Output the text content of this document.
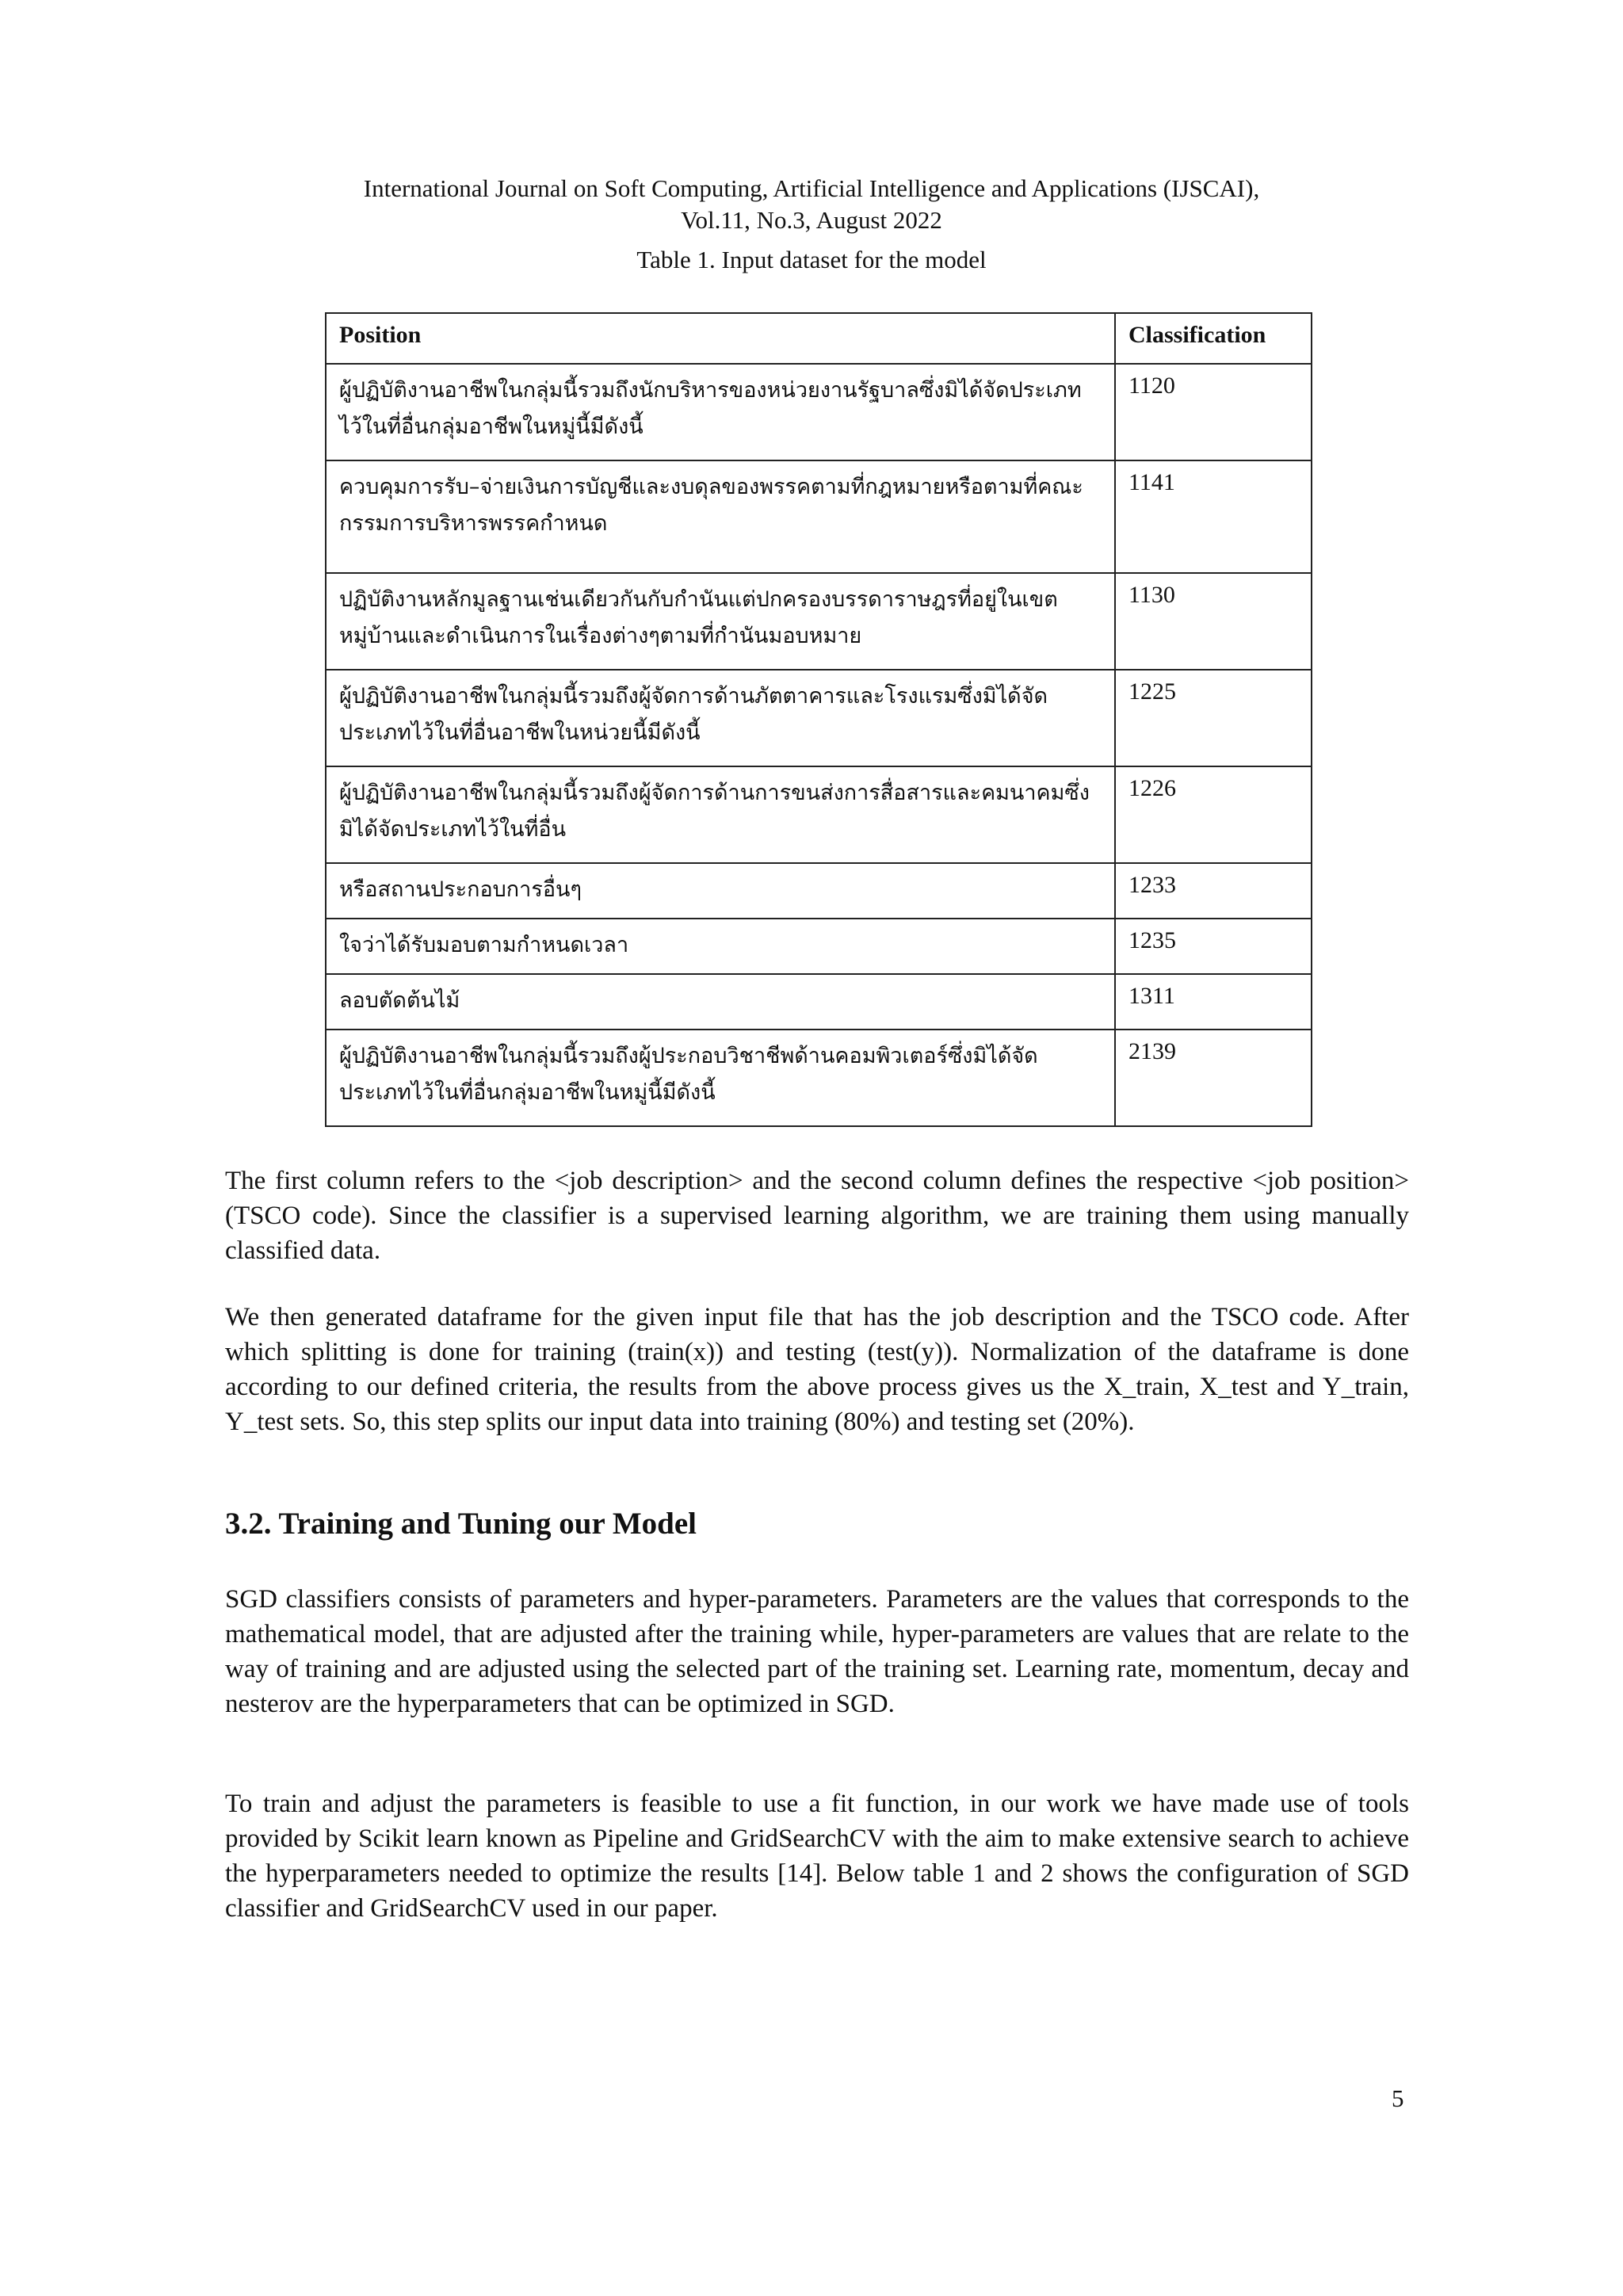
International Journal on Soft Computing, Artificial Intelligence and Applications (IJSCAI),
Vol.11, No.3, August 2022
Table 1. Input dataset for the model
Position	Classification
ผู้ปฏิบัติงานอาชีพในกลุ่มนี้รวมถึงนักบริหารของหน่วยงานรัฐบาลซึ่งมิได้จัดประเภทไว้ในที่อื่นกลุ่มอาชีพในหมู่นี้มีดังนี้	1120
ควบคุมการรับ–จ่ายเงินการบัญชีและงบดุลของพรรคตามที่กฎหมายหรือตามที่คณะกรรมการบริหารพรรคกำหนด	1141
ปฏิบัติงานหลักมูลฐานเช่นเดียวกันกับกำนันแต่ปกครองบรรดาราษฎรที่อยู่ในเขตหมู่บ้านและดำเนินการในเรื่องต่างๆตามที่กำนันมอบหมาย	1130
ผู้ปฏิบัติงานอาชีพในกลุ่มนี้รวมถึงผู้จัดการด้านภัตตาคารและโรงแรมซึ่งมิได้จัดประเภทไว้ในที่อื่นอาชีพในหน่วยนี้มีดังนี้	1225
ผู้ปฏิบัติงานอาชีพในกลุ่มนี้รวมถึงผู้จัดการด้านการขนส่งการสื่อสารและคมนาคมซึ่งมิได้จัดประเภทไว้ในที่อื่น	1226
หรือสถานประกอบการอื่นๆ	1233
ใจว่าได้รับมอบตามกำหนดเวลา	1235
ลอบตัดต้นไม้	1311
ผู้ปฏิบัติงานอาชีพในกลุ่มนี้รวมถึงผู้ประกอบวิชาชีพด้านคอมพิวเตอร์ซึ่งมิได้จัดประเภทไว้ในที่อื่นกลุ่มอาชีพในหมู่นี้มีดังนี้	2139

The first column refers to the <job description> and the second column defines the respective <job position> (TSCO code). Since the classifier is a supervised learning algorithm, we are training them using manually classified data.

We then generated dataframe for the given input file that has the job description and the TSCO code. After which splitting is done for training (train(x)) and testing (test(y)). Normalization of the dataframe is done according to our defined criteria, the results from the above process gives us the X_train, X_test and Y_train, Y_test sets. So, this step splits our input data into training (80%) and testing set (20%).

3.2. Training and Tuning our Model

SGD classifiers consists of parameters and hyper-parameters. Parameters are the values that corresponds to the mathematical model, that are adjusted after the training while, hyper-parameters are values that are relate to the way of training and are adjusted using the selected part of the training set. Learning rate, momentum, decay and nesterov are the hyperparameters that can be optimized in SGD.

To train and adjust the parameters is feasible to use a fit function, in our work we have made use of tools provided by Scikit learn known as Pipeline and GridSearchCV with the aim to make extensive search to achieve the hyperparameters needed to optimize the results [14]. Below table 1 and 2 shows the configuration of SGD classifier and GridSearchCV used in our paper.

5
